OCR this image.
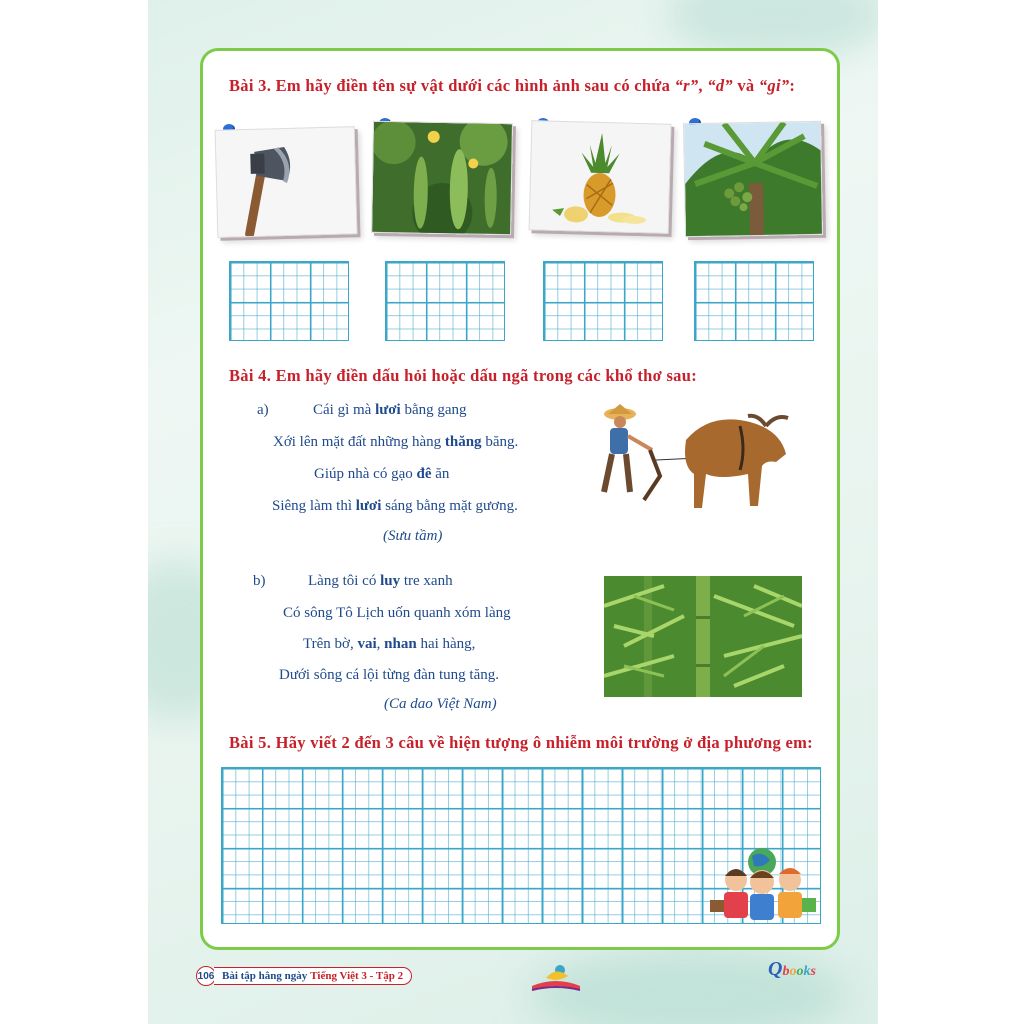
Bài 3. Em hãy điền tên sự vật dưới các hình ảnh sau có chứa “r”, “d” và “gi”:
Bài 4. Em hãy điền dấu hỏi hoặc dấu ngã trong các khổ thơ sau:
a)	Cái gì mà lươi bằng gang
Xới lên mặt đất những hàng thăng băng.
Giúp nhà có gạo đê ăn
Siêng làm thì lươi sáng bằng mặt gương.
(Sưu tầm)
b)	Làng tôi có luy tre xanh
Có sông Tô Lịch uốn quanh xóm làng
Trên bờ, vai, nhan hai hàng,
Dưới sông cá lội từng đàn tung tăng.
(Ca dao Việt Nam)
Bài 5. Hãy viết 2 đến 3 câu về hiện tượng ô nhiễm môi trường ở địa phương em:
106 Bài tập hằng ngày Tiếng Việt 3 - Tập 2	Qbooks
